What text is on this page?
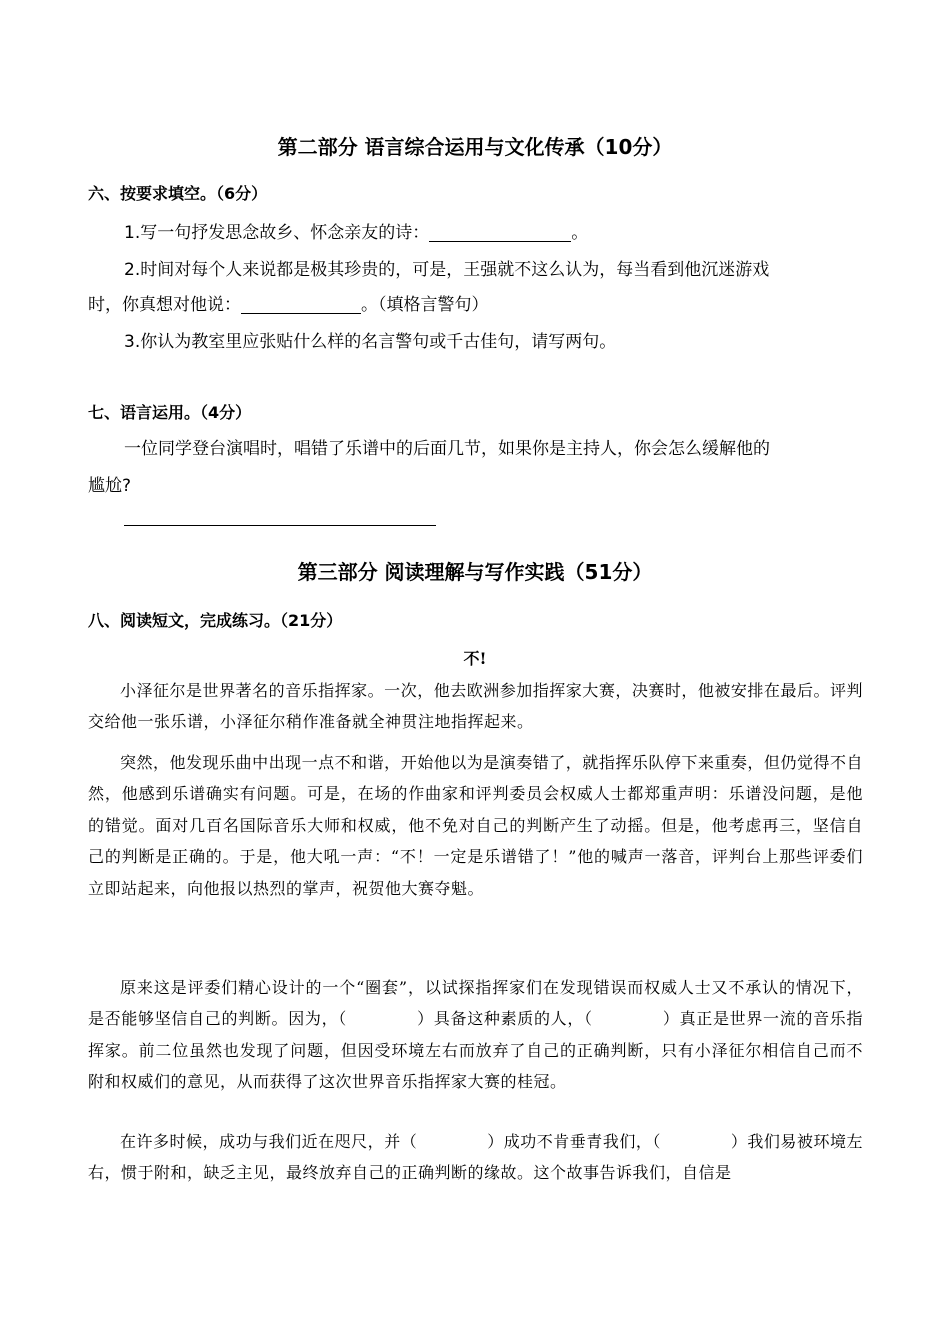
第二部分 语言综合运用与文化传承（10分）
六、按要求填空。（6分）
1.写一句抒发思念故乡、怀念亲友的诗：	。
2.时间对每个人来说都是极其珍贵的，可是，王强就不这么认为，每当看到他沉迷游戏
时，你真想对他说：	。（填格言警句）
3.你认为教室里应张贴什么样的名言警句或千古佳句，请写两句。
七、语言运用。（4分）
一位同学登台演唱时，唱错了乐谱中的后面几节，如果你是主持人，你会怎么缓解他的
尴尬?
第三部分 阅读理解与写作实践（51分）
八、阅读短文，完成练习。（21分）
不!
小泽征尔是世界著名的音乐指挥家。一次，他去欧洲参加指挥家大赛，决赛时，他被安排在最后。评判交给他一张乐谱，小泽征尔稍作准备就全神贯注地指挥起来。
突然，他发现乐曲中出现一点不和谐，开始他以为是演奏错了，就指挥乐队停下来重奏，但仍觉得不自然，他感到乐谱确实有问题。可是，在场的作曲家和评判委员会权威人士都郑重声明：乐谱没问题，是他的错觉。面对几百名国际音乐大师和权威，他不免对自己的判断产生了动摇。但是，他考虑再三，坚信自己的判断是正确的。于是，他大吼一声：“不！一定是乐谱错了！”他的喊声一落音，评判台上那些评委们立即站起来，向他报以热烈的掌声，祝贺他大赛夺魁。
原来这是评委们精心设计的一个“圈套”，以试探指挥家们在发现错误而权威人士又不承认的情况下，是否能够坚信自己的判断。因为，（	）具备这种素质的人，（	）真正是世界一流的音乐指挥家。前二位虽然也发现了问题，但因受环境左右而放弃了自己的正确判断，只有小泽征尔相信自己而不附和权威们的意见，从而获得了这次世界音乐指挥家大赛的桂冠。
在许多时候，成功与我们近在咫尺，并（	）成功不肯垂青我们，（	）我们易被环境左右，惯于附和，缺乏主见，最终放弃自己的正确判断的缘故。这个故事告诉我们，自信是
